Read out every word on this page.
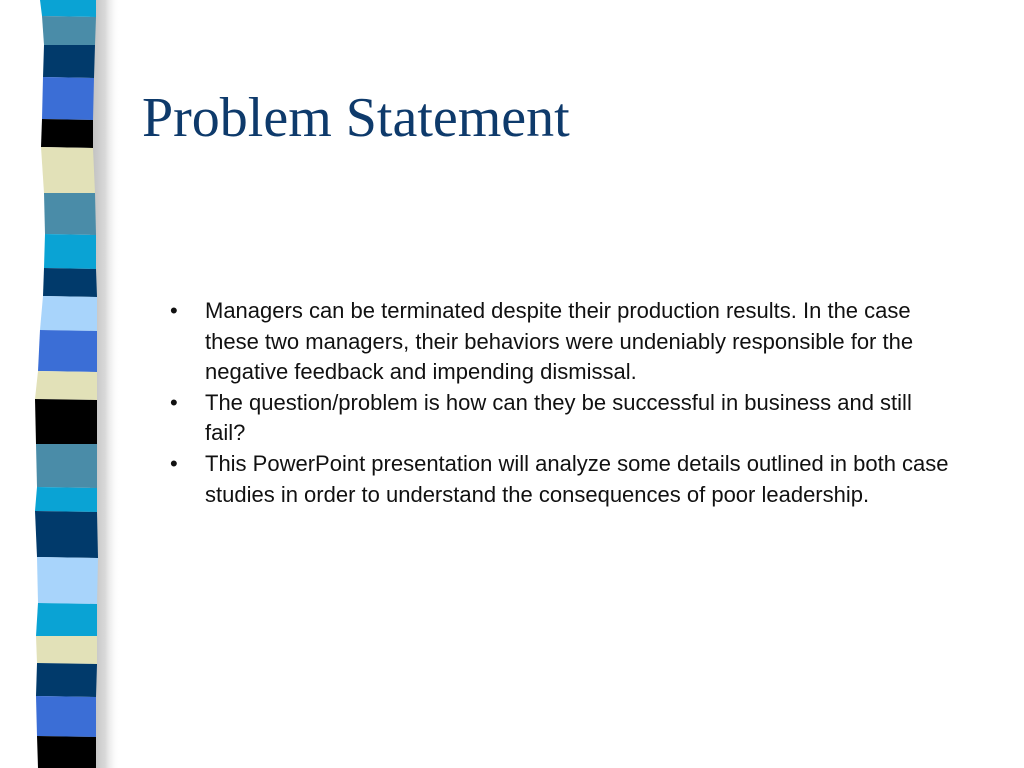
Problem Statement
•	Managers can be terminated despite their production results. In the case these two managers, their behaviors were undeniably responsible for the negative feedback and impending dismissal.
•	The question/problem is how can they be successful in business and still fail?
•	This PowerPoint presentation will analyze some details outlined in both case studies in order to understand the consequences of poor leadership.
